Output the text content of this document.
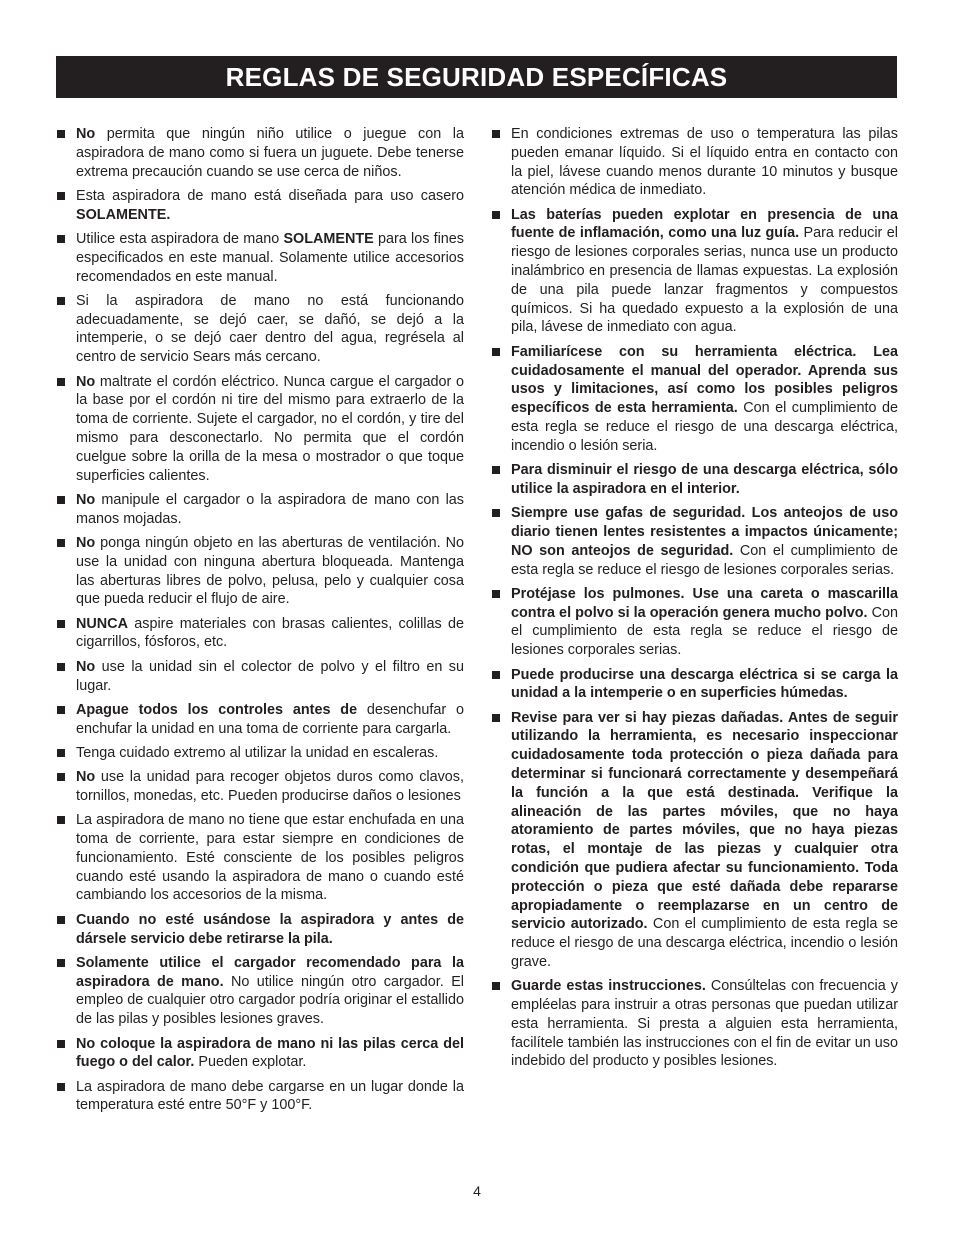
REGLAS DE SEGURIDAD ESPECÍFICAS
No permita que ningún niño utilice o juegue con la aspiradora de mano como si fuera un juguete. Debe tenerse extrema precaución cuando se use cerca de niños.
Esta aspiradora de mano está diseñada para uso casero SOLAMENTE.
Utilice esta aspiradora de mano SOLAMENTE para los fines especificados en este manual. Solamente utilice accesorios recomendados en este manual.
Si la aspiradora de mano no está funcionando adecuadamente, se dejó caer, se dañó, se dejó a la intemperie, o se dejó caer dentro del agua, regrésela al centro de servicio Sears más cercano.
No maltrate el cordón eléctrico. Nunca cargue el cargador o la base por el cordón ni tire del mismo para extraerlo de la toma de corriente. Sujete el cargador, no el cordón, y tire del mismo para desconectarlo. No permita que el cordón cuelgue sobre la orilla de la mesa o mostrador o que toque superficies calientes.
No manipule el cargador o la aspiradora de mano con las manos mojadas.
No ponga ningún objeto en las aberturas de ventilación. No use la unidad con ninguna abertura bloqueada. Mantenga las aberturas libres de polvo, pelusa, pelo y cualquier cosa que pueda reducir el flujo de aire.
NUNCA aspire materiales con brasas calientes, colillas de cigarrillos, fósforos, etc.
No use la unidad sin el colector de polvo y el filtro en su lugar.
Apague todos los controles antes de desenchufar o enchufar la unidad en una toma de corriente para cargarla.
Tenga cuidado extremo al utilizar la unidad en escaleras.
No use la unidad para recoger objetos duros como clavos, tornillos, monedas, etc. Pueden producirse daños o lesiones
La aspiradora de mano no tiene que estar enchufada en una toma de corriente, para estar siempre en condiciones de funcionamiento. Esté consciente de los posibles peligros cuando esté usando la aspiradora de mano o cuando esté cambiando los accesorios de la misma.
Cuando no esté usándose la aspiradora y antes de dársele servicio debe retirarse la pila.
Solamente utilice el cargador recomendado para la aspiradora de mano. No utilice ningún otro cargador. El empleo de cualquier otro cargador podría originar el estallido de las pilas y posibles lesiones graves.
No coloque la aspiradora de mano ni las pilas cerca del fuego o del calor. Pueden explotar.
La aspiradora de mano debe cargarse en un lugar donde la temperatura esté entre 50°F y 100°F.
En condiciones extremas de uso o temperatura las pilas pueden emanar líquido. Si el líquido entra en contacto con la piel, lávese cuando menos durante 10 minutos y busque atención médica de inmediato.
Las baterías pueden explotar en presencia de una fuente de inflamación, como una luz guía. Para reducir el riesgo de lesiones corporales serias, nunca use un producto inalámbrico en presencia de llamas expuestas. La explosión de una pila puede lanzar fragmentos y compuestos químicos. Si ha quedado expuesto a la explosión de una pila, lávese de inmediato con agua.
Familiarícese con su herramienta eléctrica. Lea cuidadosamente el manual del operador. Aprenda sus usos y limitaciones, así como los posibles peligros específicos de esta herramienta. Con el cumplimiento de esta regla se reduce el riesgo de una descarga eléctrica, incendio o lesión seria.
Para disminuir el riesgo de una descarga eléctrica, sólo utilice la aspiradora en el interior.
Siempre use gafas de seguridad. Los anteojos de uso diario tienen lentes resistentes a impactos únicamente; NO son anteojos de seguridad. Con el cumplimiento de esta regla se reduce el riesgo de lesiones corporales serias.
Protéjase los pulmones. Use una careta o mascarilla contra el polvo si la operación genera mucho polvo. Con el cumplimiento de esta regla se reduce el riesgo de lesiones corporales serias.
Puede producirse una descarga eléctrica si se carga la unidad a la intemperie o en superficies húmedas.
Revise para ver si hay piezas dañadas. Antes de seguir utilizando la herramienta, es necesario inspeccionar cuidadosamente toda protección o pieza dañada para determinar si funcionará correctamente y desempeñará la función a la que está destinada. Verifique la alineación de las partes móviles, que no haya atoramiento de partes móviles, que no haya piezas rotas, el montaje de las piezas y cualquier otra condición que pudiera afectar su funcionamiento. Toda protección o pieza que esté dañada debe repararse apropiadamente o reemplazarse en un centro de servicio autorizado. Con el cumplimiento de esta regla se reduce el riesgo de una descarga eléctrica, incendio o lesión grave.
Guarde estas instrucciones. Consúltelas con frecuencia y empléelas para instruir a otras personas que puedan utilizar esta herramienta. Si presta a alguien esta herramienta, facilítele también las instrucciones con el fin de evitar un uso indebido del producto y posibles lesiones.
4
